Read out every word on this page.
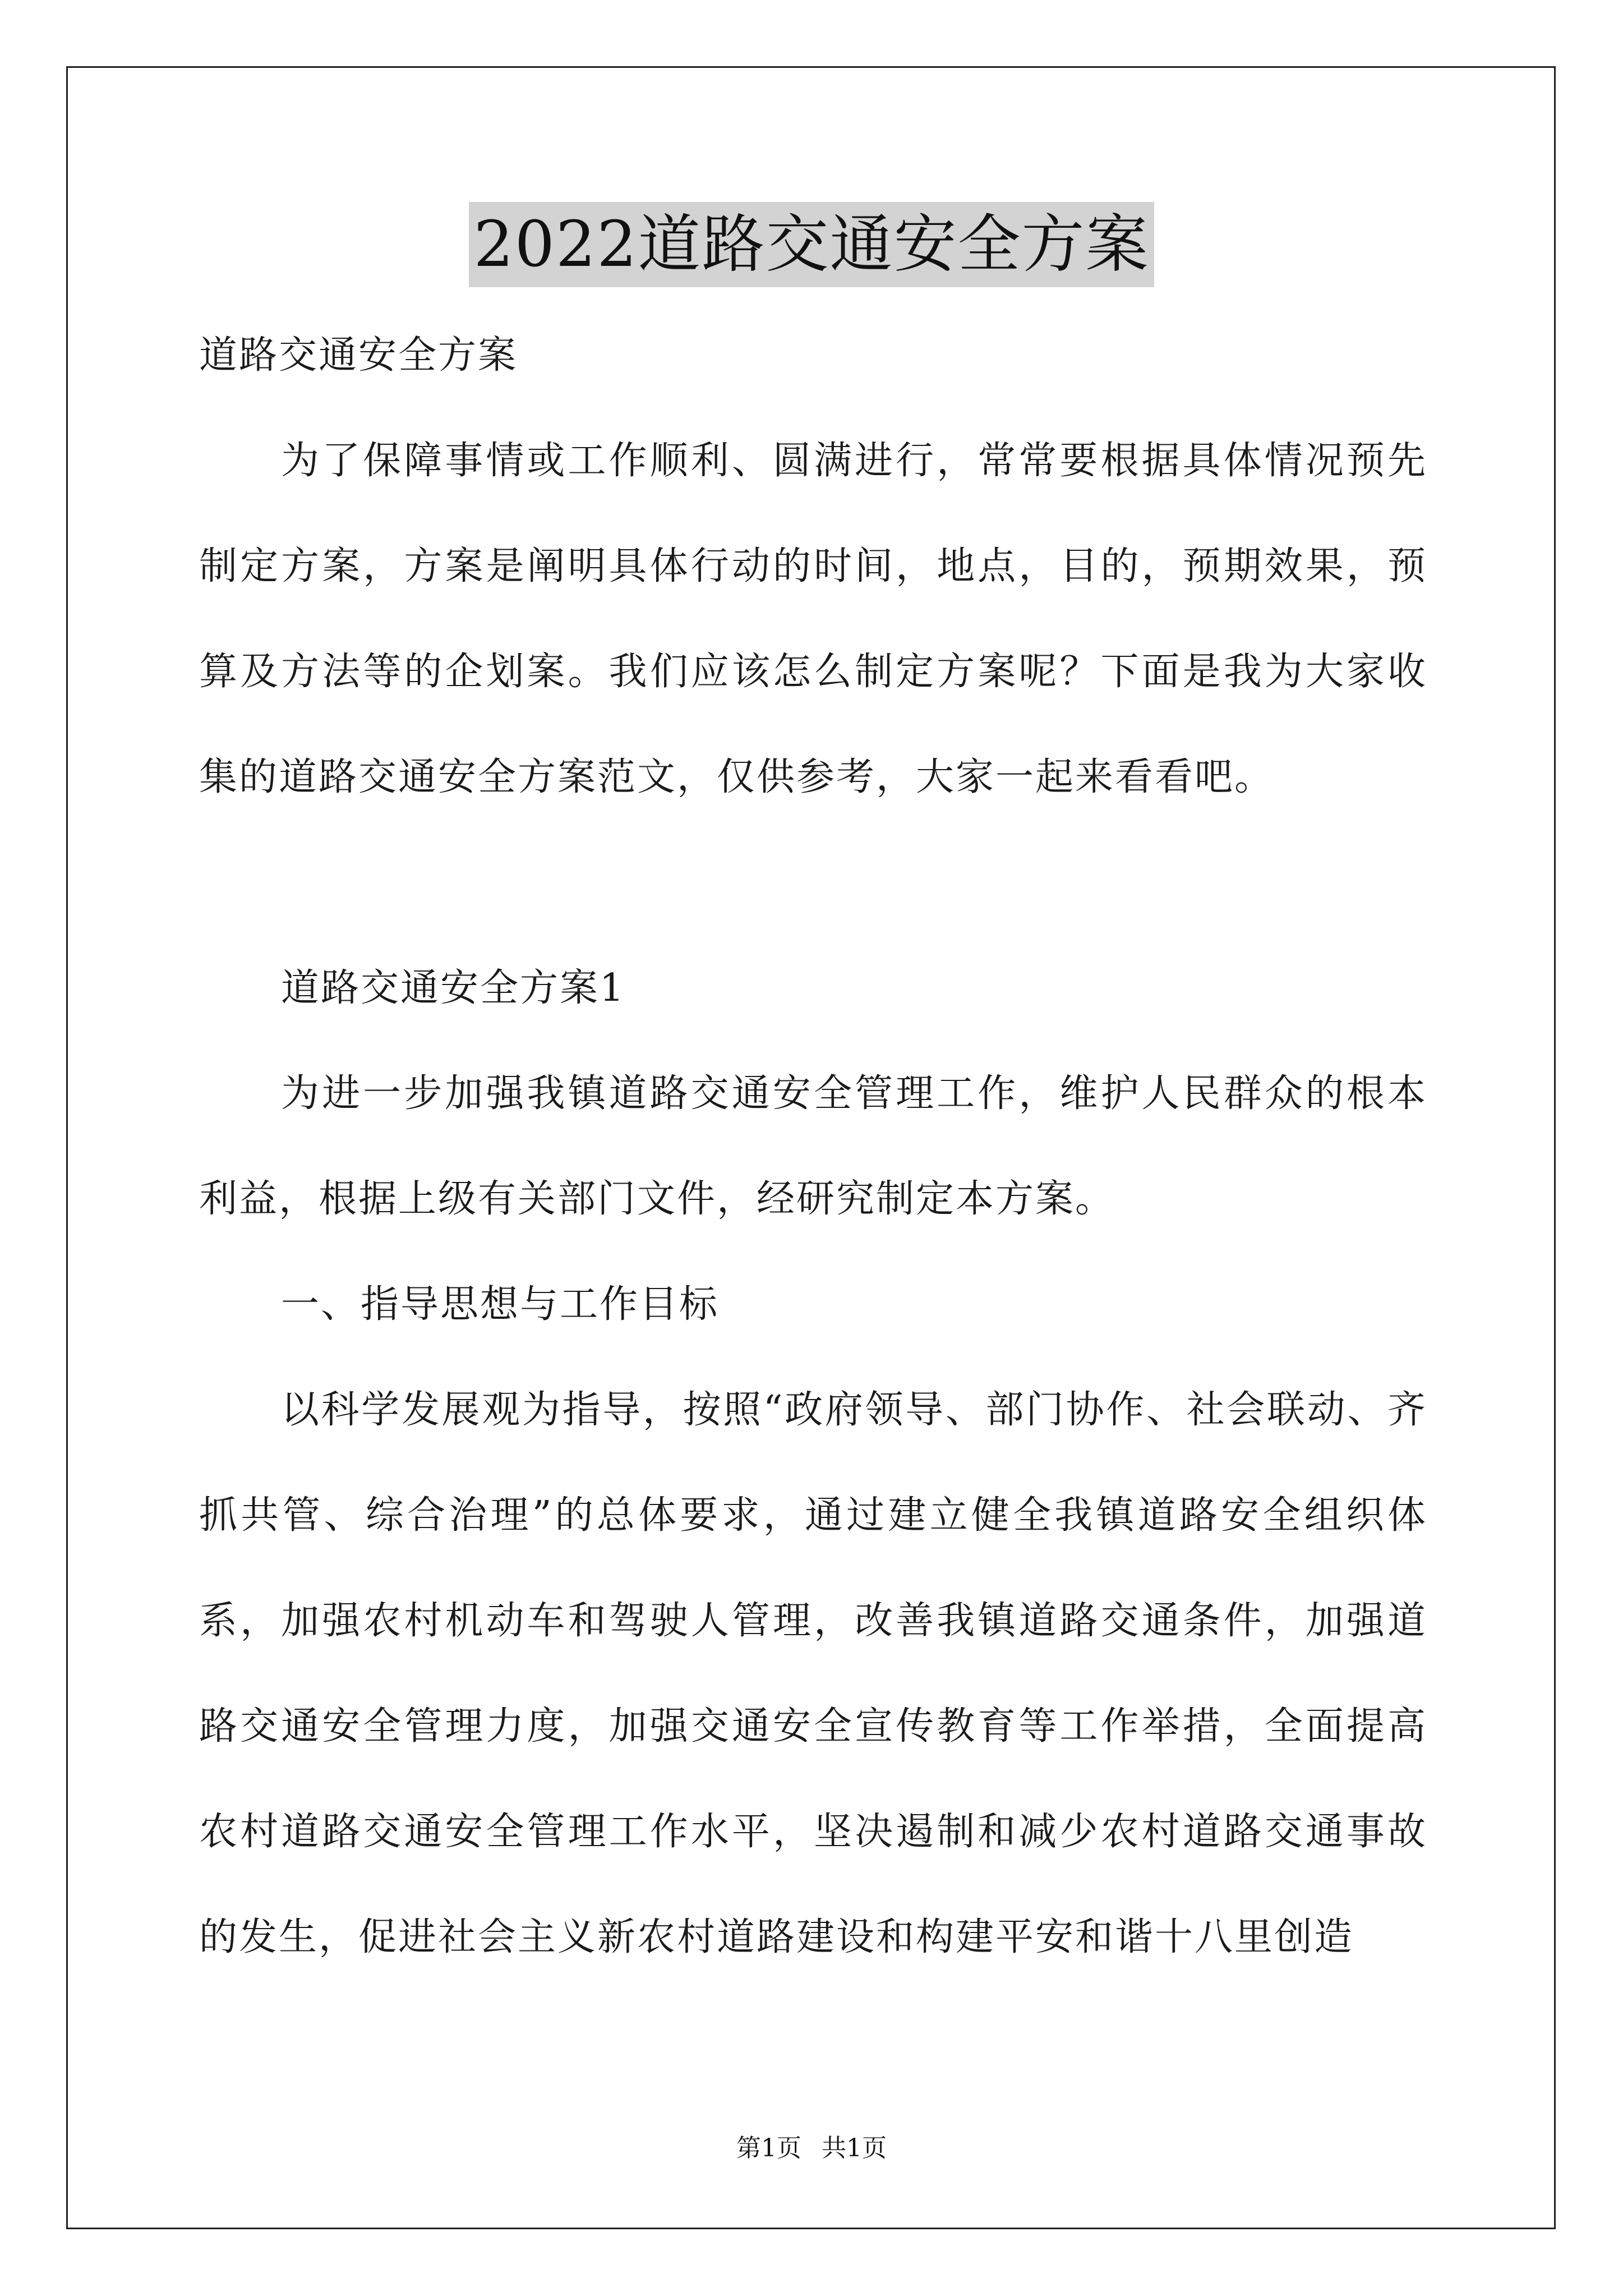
2022道路交通安全方案

道路交通安全方案

为了保障事情或工作顺利、圆满进行，常常要根据具体情况预先制定方案，方案是阐明具体行动的时间，地点，目的，预期效果，预算及方法等的企划案。我们应该怎么制定方案呢？下面是我为大家收集的道路交通安全方案范文，仅供参考，大家一起来看看吧。

道路交通安全方案1

为进一步加强我镇道路交通安全管理工作，维护人民群众的根本利益，根据上级有关部门文件，经研究制定本方案。

一、指导思想与工作目标

以科学发展观为指导，按照“政府领导、部门协作、社会联动、齐抓共管、综合治理”的总体要求，通过建立健全我镇道路安全组织体系，加强农村机动车和驾驶人管理，改善我镇道路交通条件，加强道路交通安全管理力度，加强交通安全宣传教育等工作举措，全面提高农村道路交通安全管理工作水平，坚决遏制和减少农村道路交通事故的发生，促进社会主义新农村道路建设和构建平安和谐十八里创造

第1页 共1页
